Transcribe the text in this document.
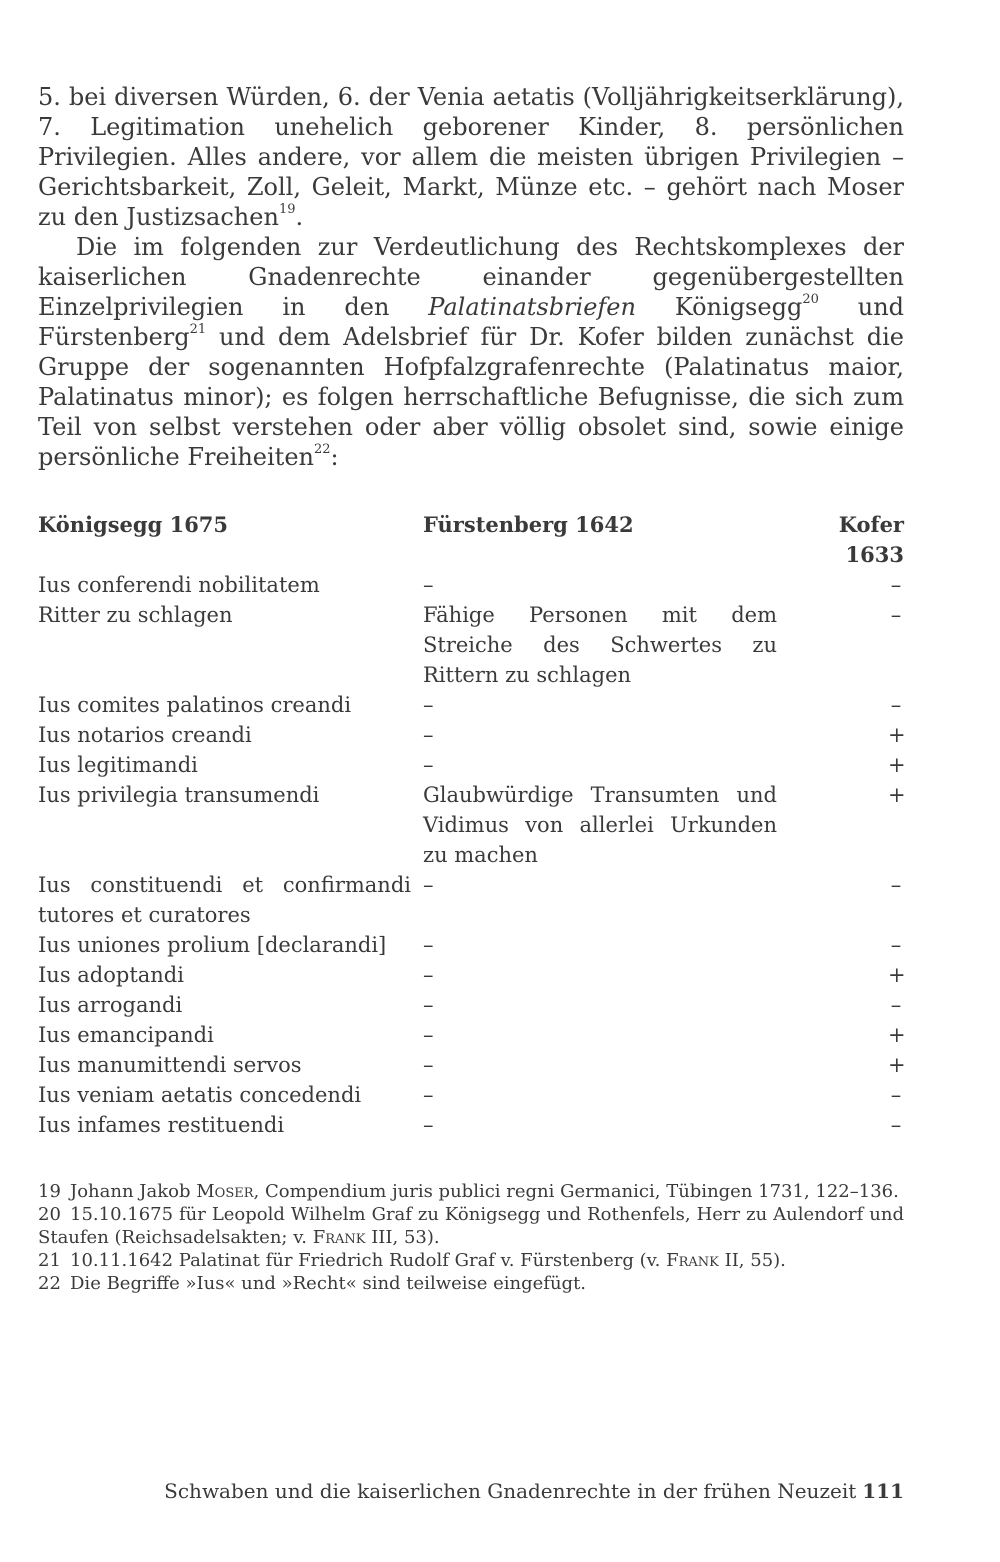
5. bei diversen Würden, 6. der Venia aetatis (Volljährigkeitserklärung), 7. Legitimation unehelich geborener Kinder, 8. persönlichen Privilegien. Alles andere, vor allem die meisten übrigen Privilegien – Gerichtsbarkeit, Zoll, Geleit, Markt, Münze etc. – gehört nach Moser zu den Justizsachen$^{19}$.

Die im folgenden zur Verdeutlichung des Rechtskomplexes der kaiserlichen Gnadenrechte einander gegenübergestellten Einzelprivilegien in den Palatinatsbriefen Königsegg$^{20}$ und Fürstenberg$^{21}$ und dem Adelsbrief für Dr. Kofer bilden zunächst die Gruppe der sogenannten Hofpfalzgrafenrechte (Palatinatus maior, Palatinatus minor); es folgen herrschaftliche Befugnisse, die sich zum Teil von selbst verstehen oder aber völlig obsolet sind, sowie einige persönliche Freiheiten$^{22}$:

Königsegg 1675	Fürstenberg 1642	Kofer 1633
Ius conferendi nobilitatem	–	–
Ritter zu schlagen	Fähige Personen mit dem Streiche des Schwertes zu Rittern zu schlagen	–
Ius comites palatinos creandi	–	–
Ius notarios creandi	–	+
Ius legitimandi	–	+
Ius privilegia transumendi	Glaubwürdige Transumten und Vidimus von allerlei Urkunden zu machen	+
Ius constituendi et confirmandi tutores et curatores	–	–
Ius uniones prolium [declarandi]	–	–
Ius adoptandi	–	+
Ius arrogandi	–	–
Ius emancipandi	–	+
Ius manumittendi servos	–	+
Ius veniam aetatis concedendi	–	–
Ius infames restituendi	–	–

19 Johann Jakob Moser, Compendium juris publici regni Germanici, Tübingen 1731, 122–136.

20 15.10.1675 für Leopold Wilhelm Graf zu Königsegg und Rothenfels, Herr zu Aulendorf und Staufen (Reichsadelsakten; v. Frank III, 53).

21 10.11.1642 Palatinat für Friedrich Rudolf Graf v. Fürstenberg (v. Frank II, 55).

22 Die Begriffe »Ius« und »Recht« sind teilweise eingefügt.

Schwaben und die kaiserlichen Gnadenrechte in der frühen Neuzeit 111
